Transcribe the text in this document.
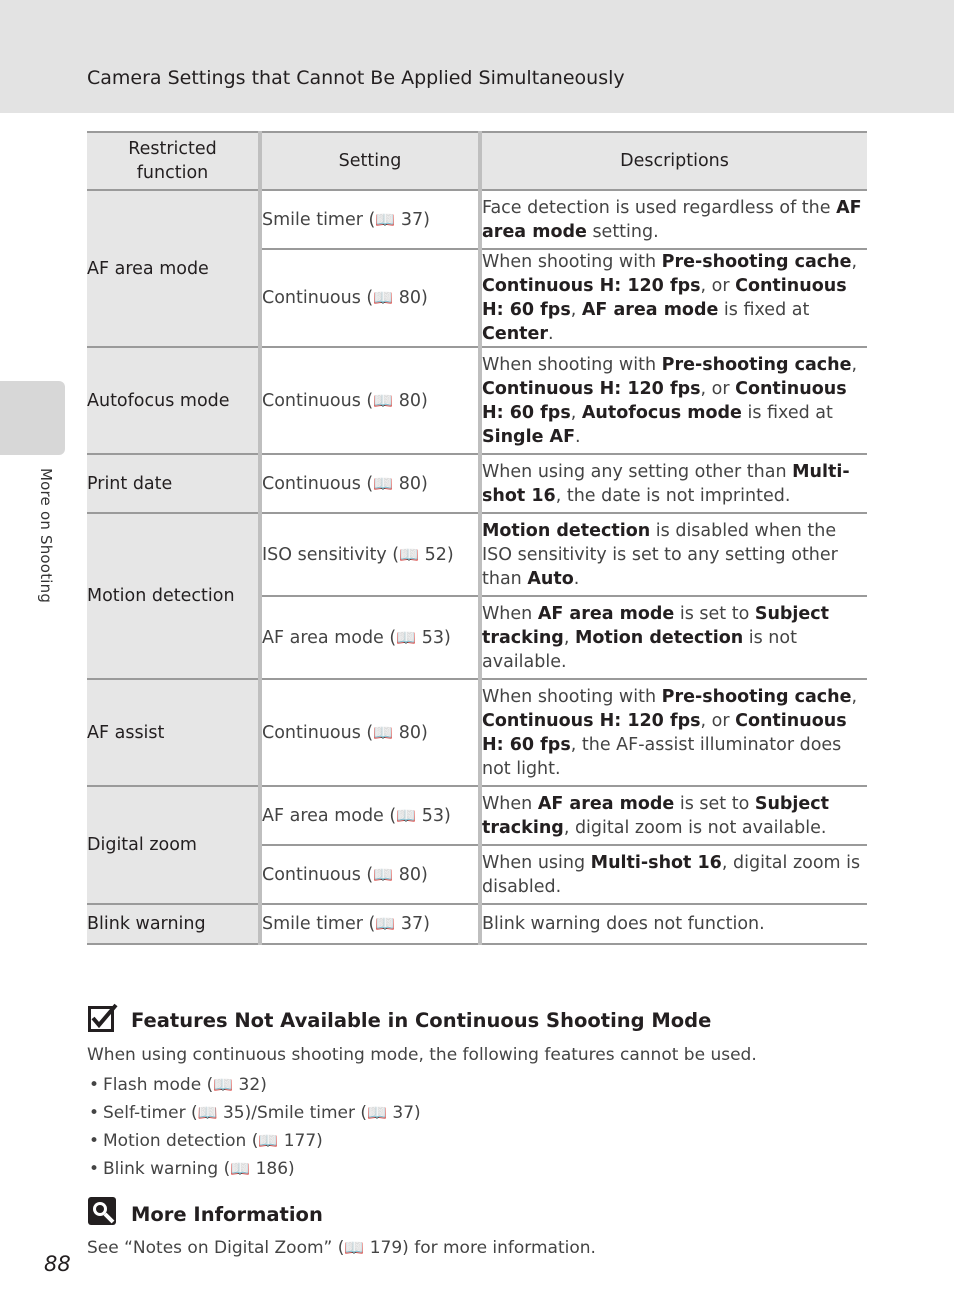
Camera Settings that Cannot Be Applied Simultaneously
More on Shooting
Restricted function	Setting	Descriptions
AF area mode	Smile timer (📖 37)	Face detection is used regardless of the AF area mode setting.
	Continuous (📖 80)	When shooting with Pre-shooting cache, Continuous H: 120 fps, or Continuous H: 60 fps, AF area mode is fixed at Center.
Autofocus mode	Continuous (📖 80)	When shooting with Pre-shooting cache, Continuous H: 120 fps, or Continuous H: 60 fps, Autofocus mode is fixed at Single AF.
Print date	Continuous (📖 80)	When using any setting other than Multi-shot 16, the date is not imprinted.
Motion detection	ISO sensitivity (📖 52)	Motion detection is disabled when the ISO sensitivity is set to any setting other than Auto.
	AF area mode (📖 53)	When AF area mode is set to Subject tracking, Motion detection is not available.
AF assist	Continuous (📖 80)	When shooting with Pre-shooting cache, Continuous H: 120 fps, or Continuous H: 60 fps, the AF-assist illuminator does not light.
Digital zoom	AF area mode (📖 53)	When AF area mode is set to Subject tracking, digital zoom is not available.
	Continuous (📖 80)	When using Multi-shot 16, digital zoom is disabled.
Blink warning	Smile timer (📖 37)	Blink warning does not function.
Features Not Available in Continuous Shooting Mode
When using continuous shooting mode, the following features cannot be used.
• Flash mode (📖 32)
• Self-timer (📖 35)/Smile timer (📖 37)
• Motion detection (📖 177)
• Blink warning (📖 186)
More Information
See “Notes on Digital Zoom” (📖 179) for more information.
88
